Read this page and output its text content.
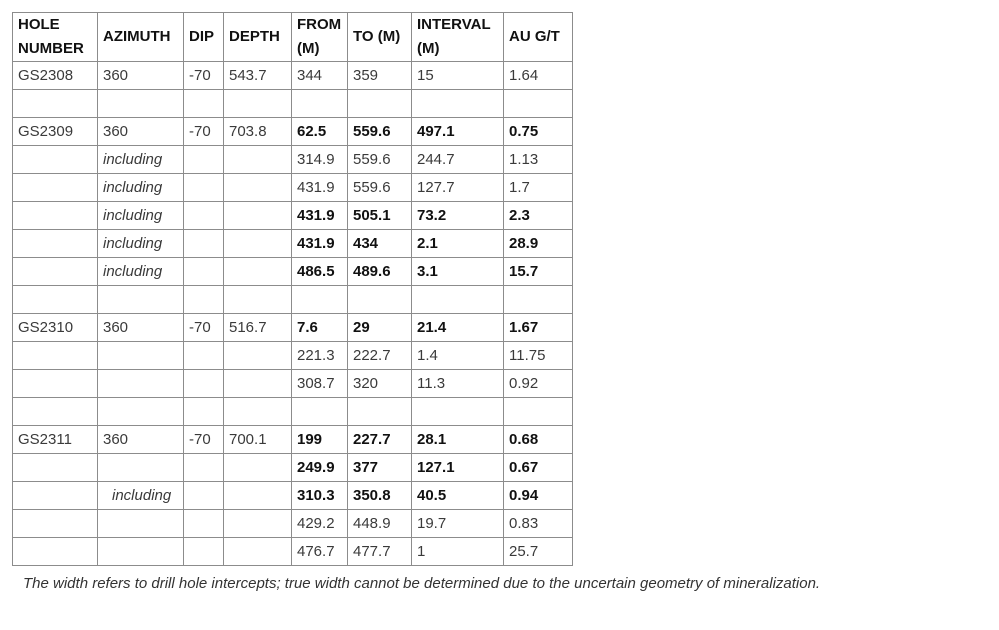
HOLE NUMBER	AZIMUTH	DIP	DEPTH	FROM (M)	TO (M)	INTERVAL (M)	AU G/T
GS2308	360	-70	543.7	344	359	15	1.64

GS2309	360	-70	703.8	62.5	559.6	497.1	0.75
	including			314.9	559.6	244.7	1.13
	including			431.9	559.6	127.7	1.7
	including			431.9	505.1	73.2	2.3
	including			431.9	434	2.1	28.9
	including			486.5	489.6	3.1	15.7

GS2310	360	-70	516.7	7.6	29	21.4	1.67
				221.3	222.7	1.4	11.75
				308.7	320	11.3	0.92

GS2311	360	-70	700.1	199	227.7	28.1	0.68
				249.9	377	127.1	0.67
	including			310.3	350.8	40.5	0.94
				429.2	448.9	19.7	0.83
				476.7	477.7	1	25.7
The width refers to drill hole intercepts; true width cannot be determined due to the uncertain geometry of mineralization.
